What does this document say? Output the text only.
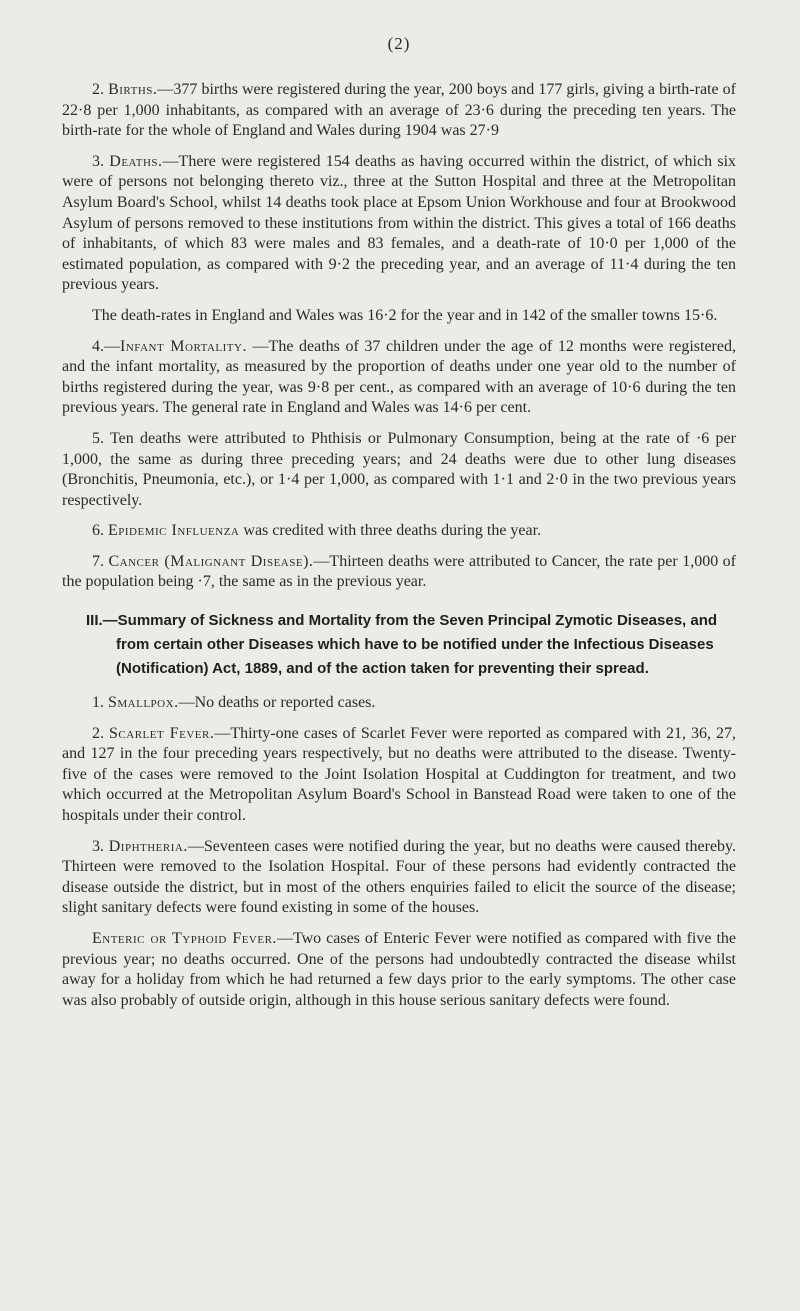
(2)

2. Births.—377 births were registered during the year, 200 boys and 177 girls, giving a birth-rate of 22·8 per 1,000 inhabitants, as compared with an average of 23·6 during the preceding ten years. The birth-rate for the whole of England and Wales during 1904 was 27·9

3. Deaths.—There were registered 154 deaths as having occurred within the district, of which six were of persons not belonging thereto viz., three at the Sutton Hospital and three at the Metropolitan Asylum Board's School, whilst 14 deaths took place at Epsom Union Workhouse and four at Brookwood Asylum of persons removed to these institutions from within the district. This gives a total of 166 deaths of inhabitants, of which 83 were males and 83 females, and a death-rate of 10·0 per 1,000 of the estimated population, as compared with 9·2 the preceding year, and an average of 11·4 during the ten previous years.

The death-rates in England and Wales was 16·2 for the year and in 142 of the smaller towns 15·6.

4.—Infant Mortality. —The deaths of 37 children under the age of 12 months were registered, and the infant mortality, as measured by the proportion of deaths under one year old to the number of births registered during the year, was 9·8 per cent., as compared with an average of 10·6 during the ten previous years. The general rate in England and Wales was 14·6 per cent.

5. Ten deaths were attributed to Phthisis or Pulmonary Consumption, being at the rate of ·6 per 1,000, the same as during three preceding years; and 24 deaths were due to other lung diseases (Bronchitis, Pneumonia, etc.), or 1·4 per 1,000, as compared with 1·1 and 2·0 in the two previous years respectively.

6. Epidemic Influenza was credited with three deaths during the year.

7. Cancer (Malignant Disease).—Thirteen deaths were attributed to Cancer, the rate per 1,000 of the population being ·7, the same as in the previous year.

III.—Summary of Sickness and Mortality from the Seven Principal Zymotic Diseases, and from certain other Diseases which have to be notified under the Infectious Diseases (Notification) Act, 1889, and of the action taken for preventing their spread.

1. Smallpox.—No deaths or reported cases.

2. Scarlet Fever.—Thirty-one cases of Scarlet Fever were reported as compared with 21, 36, 27, and 127 in the four preceding years respectively, but no deaths were attributed to the disease. Twenty-five of the cases were removed to the Joint Isolation Hospital at Cuddington for treatment, and two which occurred at the Metropolitan Asylum Board's School in Banstead Road were taken to one of the hospitals under their control.

3. Diphtheria.—Seventeen cases were notified during the year, but no deaths were caused thereby. Thirteen were removed to the Isolation Hospital. Four of these persons had evidently contracted the disease outside the district, but in most of the others enquiries failed to elicit the source of the disease; slight sanitary defects were found existing in some of the houses.

Enteric or Typhoid Fever.—Two cases of Enteric Fever were notified as compared with five the previous year; no deaths occurred. One of the persons had undoubtedly contracted the disease whilst away for a holiday from which he had returned a few days prior to the early symptoms. The other case was also probably of outside origin, although in this house serious sanitary defects were found.
